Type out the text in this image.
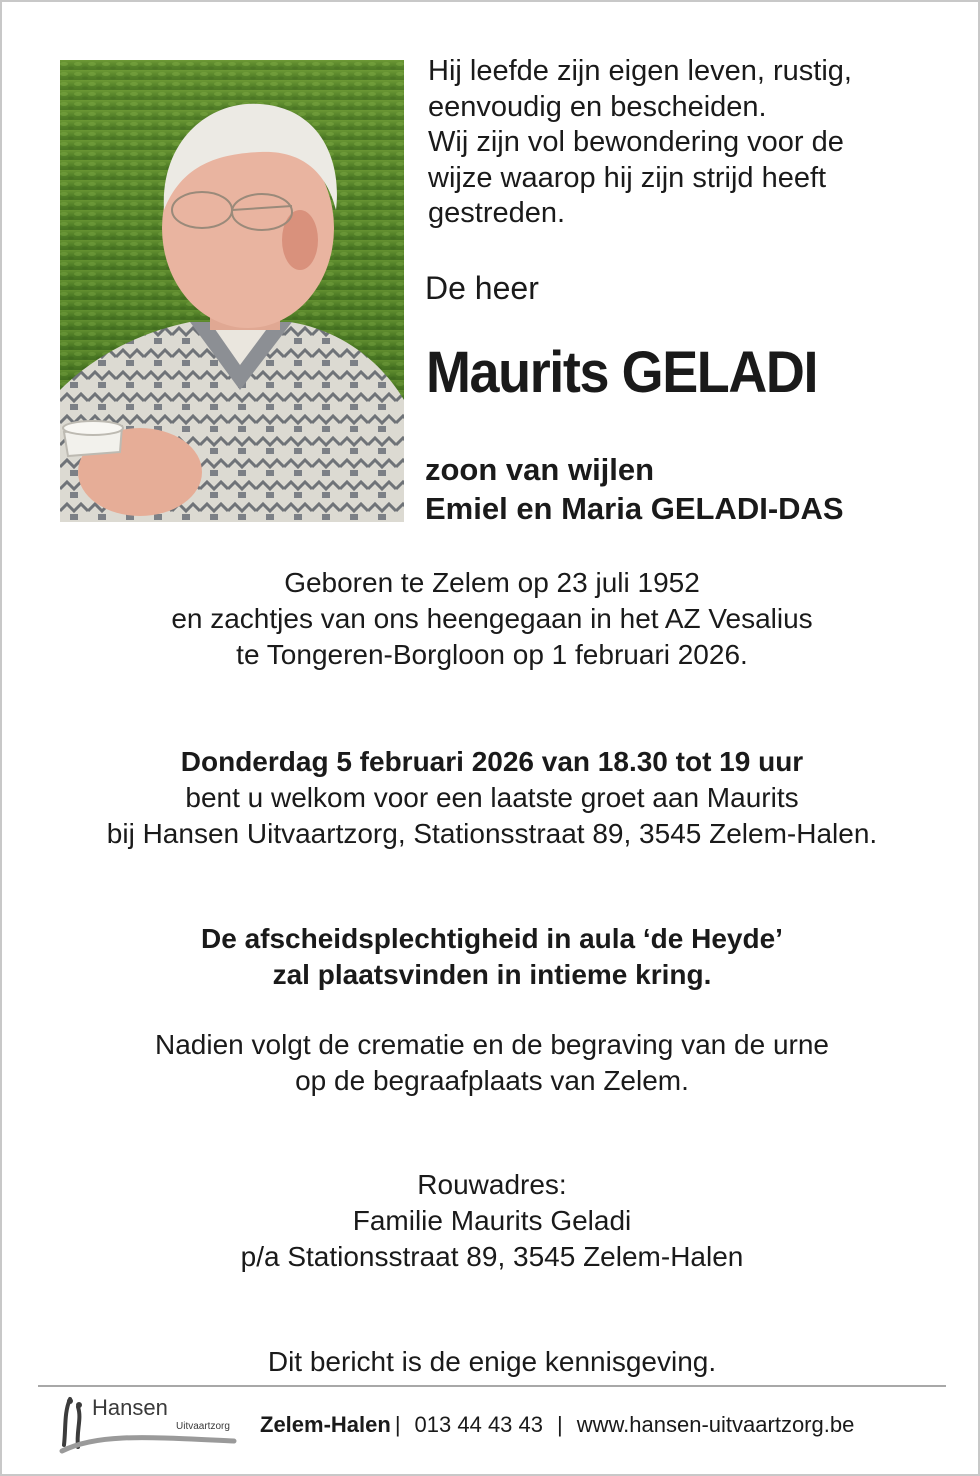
Hij leefde zijn eigen leven, rustig,
eenvoudig en bescheiden.
Wij zijn vol bewondering voor de
wijze waarop hij zijn strijd heeft
gestreden.

De heer

Maurits GELADI

zoon van wijlen
Emiel en Maria GELADI-DAS

Geboren te Zelem op 23 juli 1952
en zachtjes van ons heengegaan in het AZ Vesalius
te Tongeren-Borgloon op 1 februari 2026.

Donderdag 5 februari 2026 van 18.30 tot 19 uur
bent u welkom voor een laatste groet aan Maurits
bij Hansen Uitvaartzorg, Stationsstraat 89, 3545 Zelem-Halen.

De afscheidsplechtigheid in aula ‘de Heyde’
zal plaatsvinden in intieme kring.

Nadien volgt de crematie en de begraving van de urne
op de begraafplaats van Zelem.

Rouwadres:
Familie Maurits Geladi
p/a Stationsstraat 89, 3545 Zelem-Halen

Dit bericht is de enige kennisgeving.

Hansen
Uitvaartzorg Zelem-Halen | 013 44 43 43 | www.hansen-uitvaartzorg.be
